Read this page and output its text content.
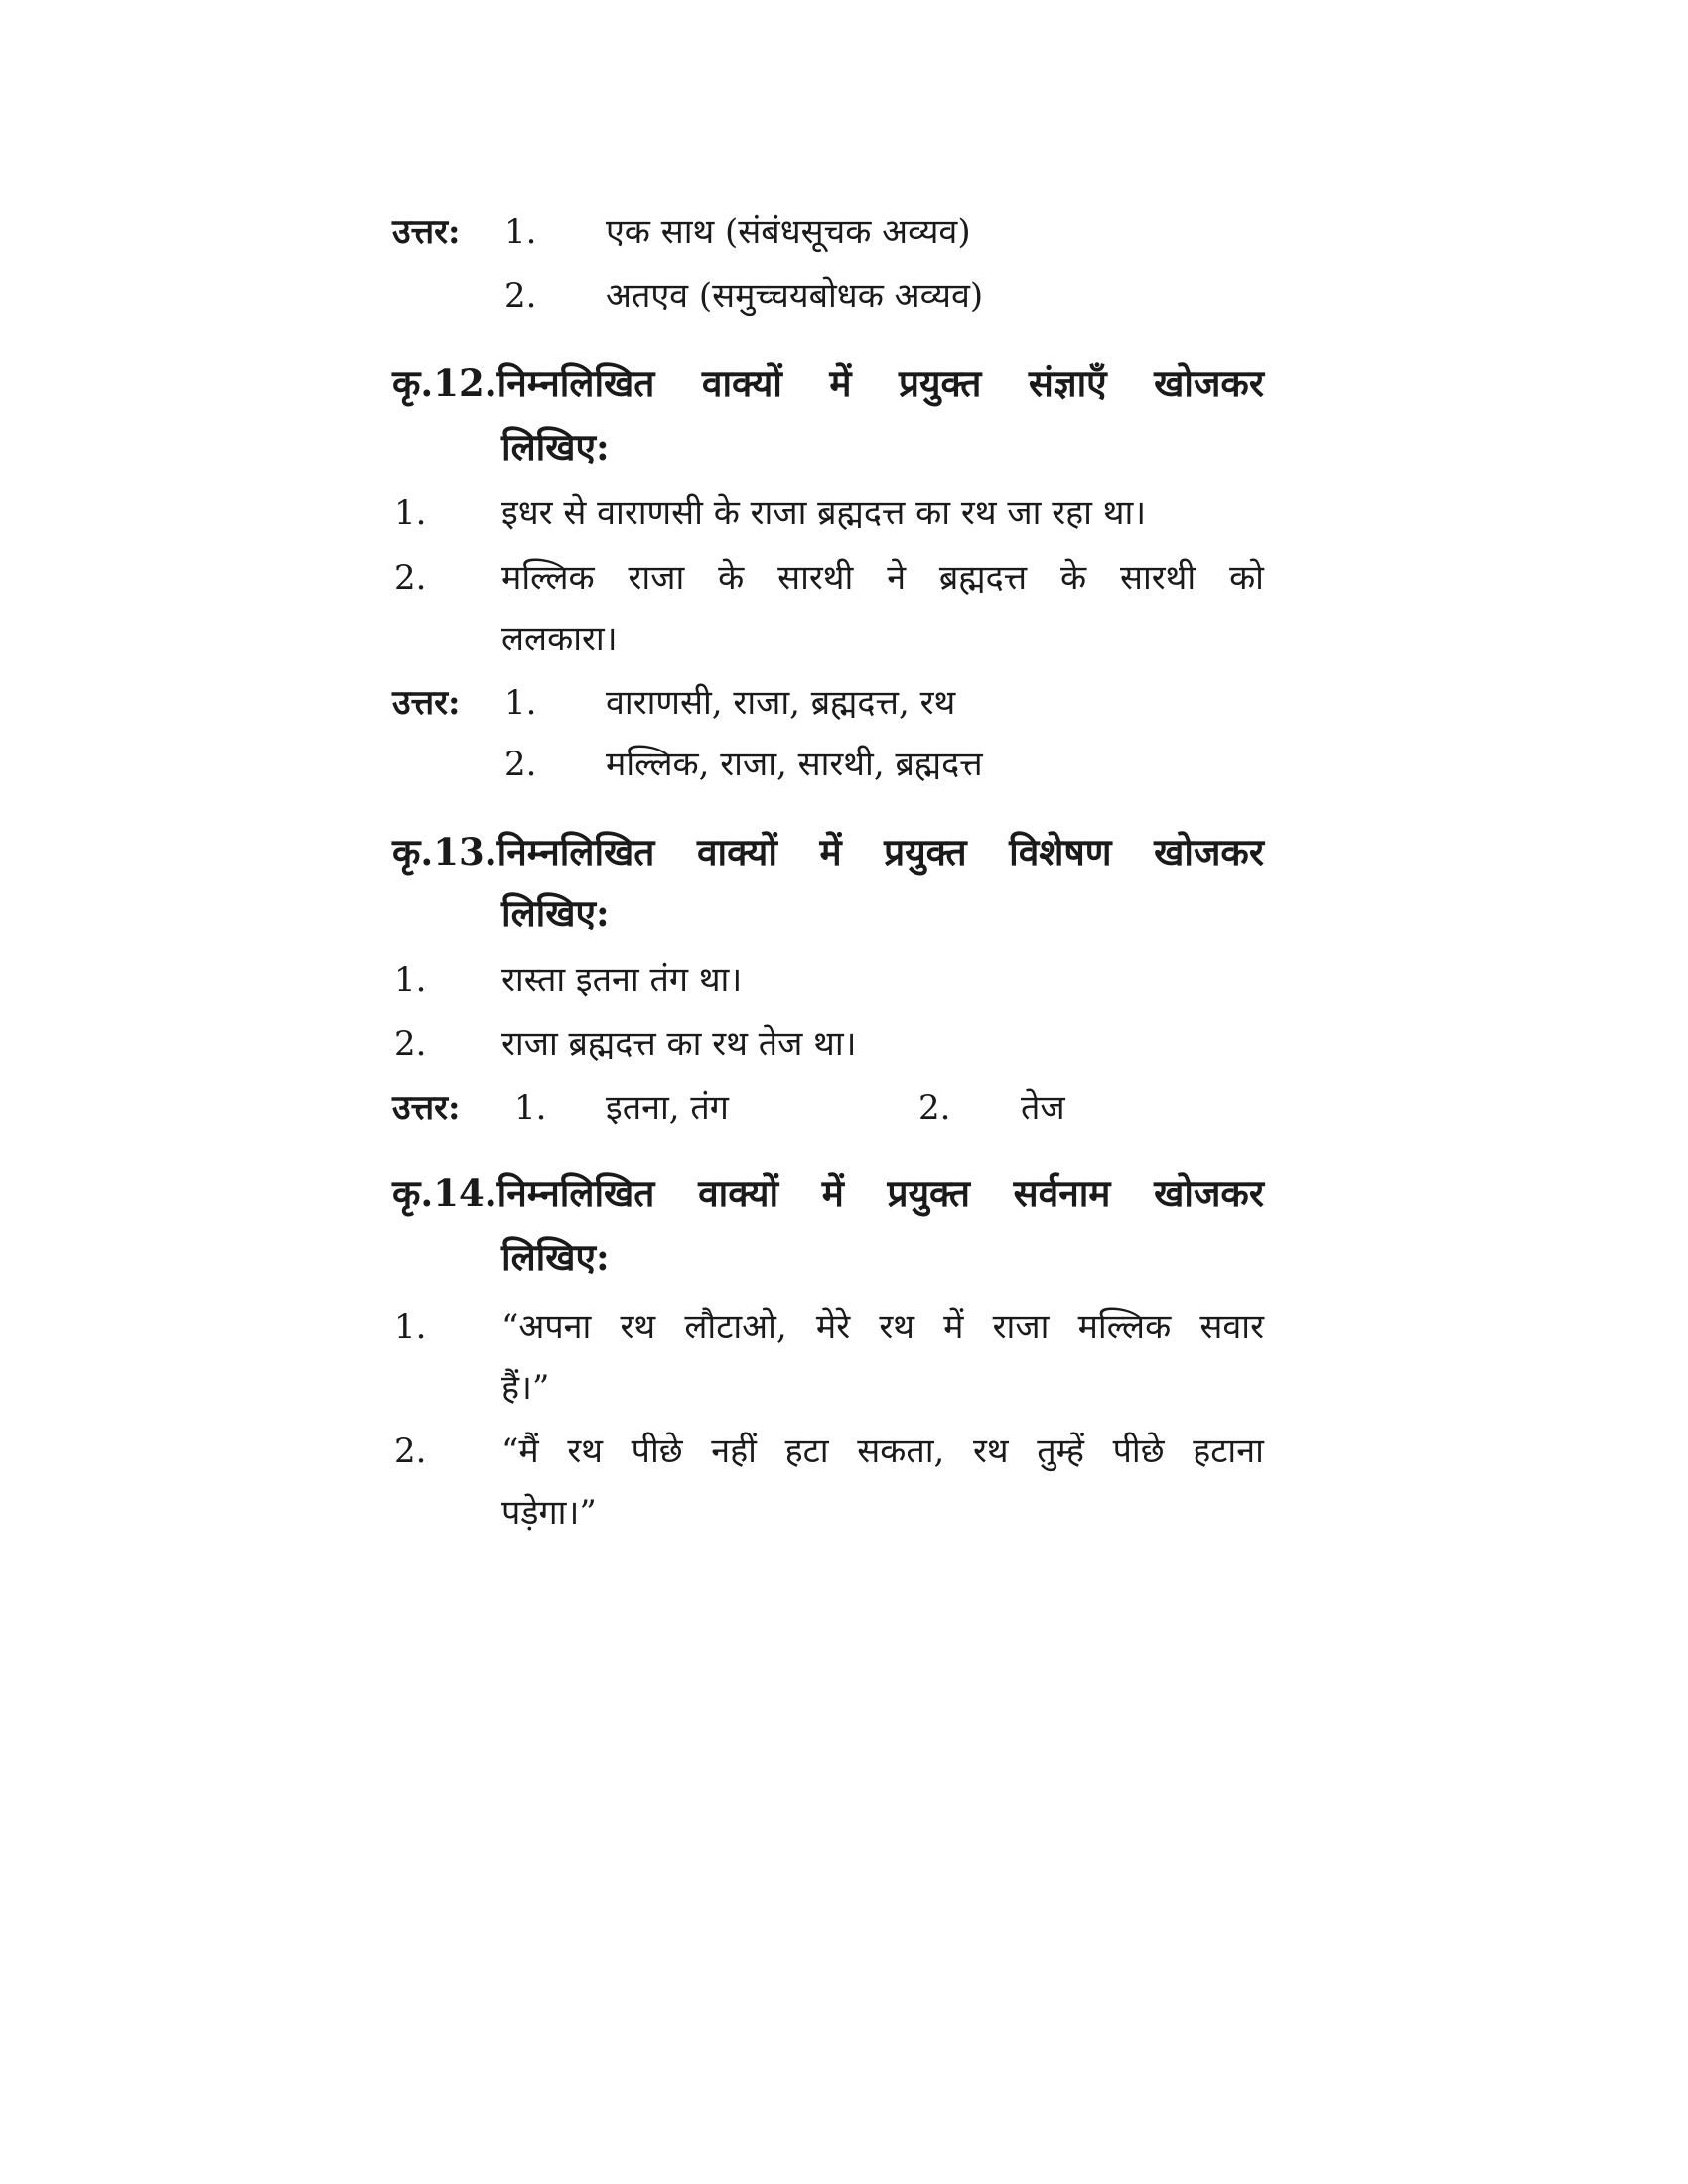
उत्तर: 1. एक साथ (संबंधसूचक अव्यव)
2. अतएव (समुच्चयबोधक अव्यव)
कृ.12.निम्नलिखित वाक्यों में प्रयुक्त संज्ञाएँ खोजकर
लिखिए:
1. इधर से वाराणसी के राजा ब्रह्मदत्त का रथ जा रहा था।
2. मल्लिक राजा के सारथी ने ब्रह्मदत्त के सारथी को
ललकारा।
उत्तर: 1. वाराणसी, राजा, ब्रह्मदत्त, रथ
2. मल्लिक, राजा, सारथी, ब्रह्मदत्त
कृ.13.निम्नलिखित वाक्यों में प्रयुक्त विशेषण खोजकर
लिखिए:
1. रास्ता इतना तंग था।
2. राजा ब्रह्मदत्त का रथ तेज था।
उत्तर: 1. इतना, तंग	2. तेज
कृ.14.निम्नलिखित वाक्यों में प्रयुक्त सर्वनाम खोजकर
लिखिए:
1. “अपना रथ लौटाओ, मेरे रथ में राजा मल्लिक सवार
हैं।”
2. “मैं रथ पीछे नहीं हटा सकता, रथ तुम्हें पीछे हटाना
पड़ेगा।”
